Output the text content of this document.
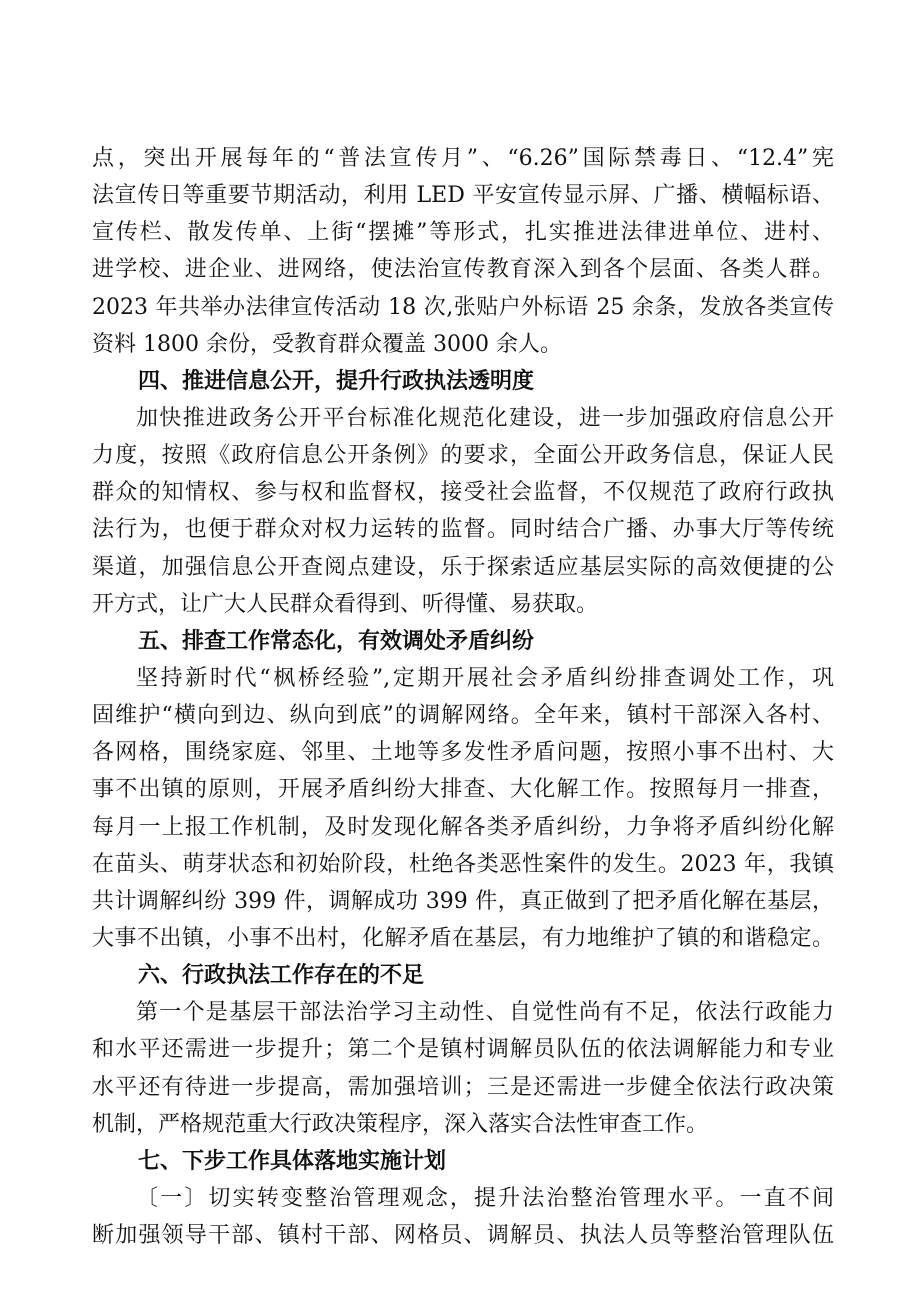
点，突出开展每年的“普法宣传月”、“6.26”国际禁毒日、“12.4”宪
法宣传日等重要节期活动，利用 LED 平安宣传显示屏、广播、横幅标语、
宣传栏、散发传单、上街“摆摊”等形式，扎实推进法律进单位、进村、
进学校、进企业、进网络，使法治宣传教育深入到各个层面、各类人群。
2023 年共举办法律宣传活动 18 次,张贴户外标语 25 余条，发放各类宣传
资料 1800 余份，受教育群众覆盖 3000 余人。
四、推进信息公开，提升行政执法透明度
加快推进政务公开平台标准化规范化建设，进一步加强政府信息公开
力度，按照《政府信息公开条例》的要求，全面公开政务信息，保证人民
群众的知情权、参与权和监督权，接受社会监督，不仅规范了政府行政执
法行为，也便于群众对权力运转的监督。同时结合广播、办事大厅等传统
渠道，加强信息公开查阅点建设，乐于探索适应基层实际的高效便捷的公
开方式，让广大人民群众看得到、听得懂、易获取。
五、排查工作常态化，有效调处矛盾纠纷
坚持新时代“枫桥经验”,定期开展社会矛盾纠纷排查调处工作，巩
固维护“横向到边、纵向到底”的调解网络。全年来，镇村干部深入各村、
各网格，围绕家庭、邻里、土地等多发性矛盾问题，按照小事不出村、大
事不出镇的原则，开展矛盾纠纷大排查、大化解工作。按照每月一排查，
每月一上报工作机制，及时发现化解各类矛盾纠纷，力争将矛盾纠纷化解
在苗头、萌芽状态和初始阶段，杜绝各类恶性案件的发生。2023 年，我镇
共计调解纠纷 399 件，调解成功 399 件，真正做到了把矛盾化解在基层，
大事不出镇，小事不出村，化解矛盾在基层，有力地维护了镇的和谐稳定。
六、行政执法工作存在的不足
第一个是基层干部法治学习主动性、自觉性尚有不足，依法行政能力
和水平还需进一步提升；第二个是镇村调解员队伍的依法调解能力和专业
水平还有待进一步提高，需加强培训；三是还需进一步健全依法行政决策
机制，严格规范重大行政决策程序，深入落实合法性审查工作。
七、下步工作具体落地实施计划
〔一〕切实转变整治管理观念，提升法治整治管理水平。一直不间
断加强领导干部、镇村干部、网格员、调解员、执法人员等整治管理队伍
